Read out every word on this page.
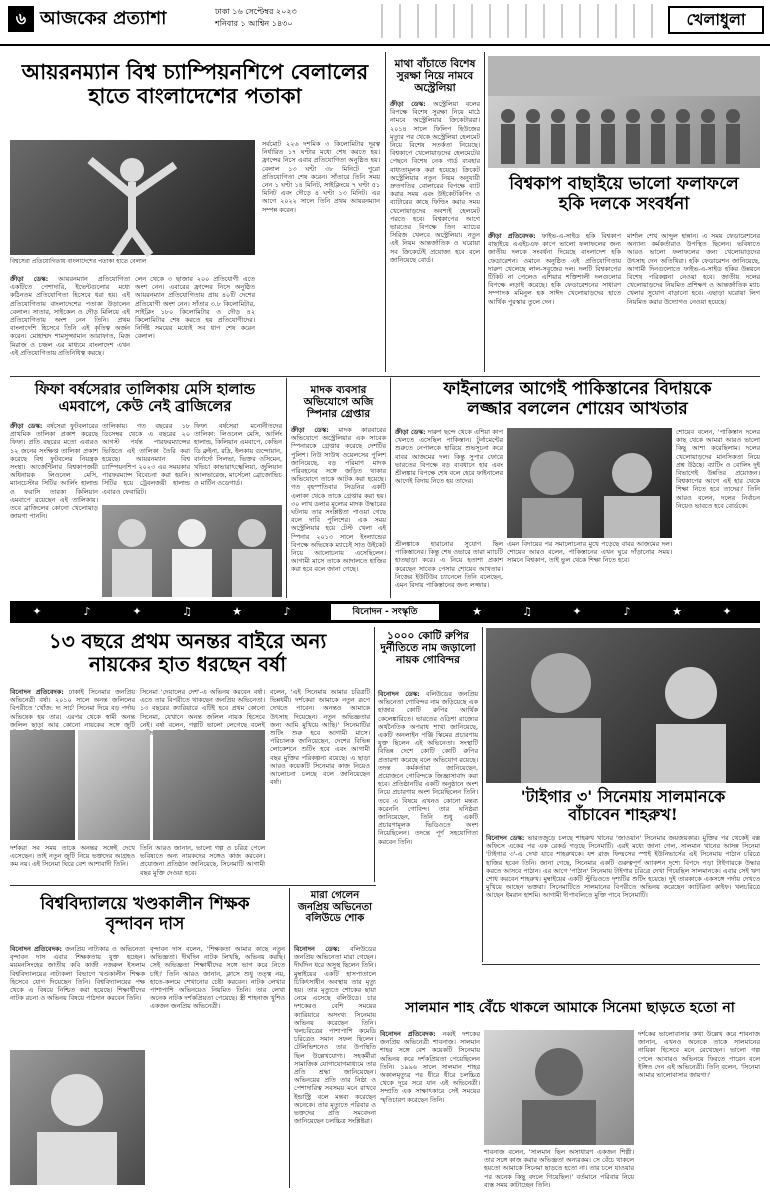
৬ আজকের প্রত্যাশা	ঢাকা ১৬ সেপ্টেম্বর ২০২৩
শনিবার ১ আশ্বিন ১৪৩০	খেলাধুলা
আয়রনম্যান বিশ্ব চ্যাম্পিয়নশিপে বেলালের
হাতে বাংলাদেশের পতাকা
বিশ্বসেরা প্রতিযোগিতায় বাংলাদেশের পতাকা হাতে বেলাল
ক্রীড়া ডেস্ক: আয়রনম্যান প্রতিযোগিতা একটিতে পেশাদারি, ইভেন্টগুলোর মধ্যে কঠিনতম প্রতিযোগিতা হিসেবে ধরা হয়। এই প্রতিযোগিতায় বাংলাদেশের পতাকা উড়ালেন বেলাল। সাতার, সাইকেল ও দৌড় মিলিয়ে এই প্রতিযোগিতায় অংশ নেন তিনি। প্রথম বাংলাদেশি হিসেবে তিনি এই কৃতিত্ব অর্জন করেন। মোহাম্মদ শামসুজ্জামান আরাফাত, মিজ মিরাজ ও চঞ্চল এর মাধ্যমে বাংলাদেশ এখন এই প্রতিযোগিতায় প্রতিনিধিত্ব করছে।
লেন থেকে ৩ ছাজার ২০০ প্রতিযোগী এতে অংশ নেন। এবারের ফ্রান্সের নিসে অনুষ্ঠিত আয়রনম্যান প্রতিযোগিতায় প্রায় ৪০টি দেশের প্রতিযোগী অংশ নেন। সাঁতার ৩.৮ কিলোমিটার, সাইক্লিং ১৮০ কিলোমিটার ও দৌড় ৪২ কিলোমিটার শেষ করতে হয় প্রতিযোগীদের। নির্দিষ্ট সময়ের মধ্যেই সব ধাপ শেষ করেন বেলাল।
সর্বমোট ২২৬ দশমিক ৩ কিলোমিটার দূরত্ব নির্ধারিত ১৭ ঘণ্টার মধ্যে শেষ করতে হয়। ফ্রান্সের নিসে এবার প্রতিযোগিতা অনুষ্ঠিত হয়। বেলাল ১৩ ঘণ্টা ৩৮ মিনিটে পুরো প্রতিযোগিতা শেষ করেন। সাঁতারে তিনি সময় নেন ১ ঘণ্টা ১৪ মিনিট, সাইক্লিংয়ে ৭ ঘণ্টা ৫১ মিনিট এবং দৌড়ে ৪ ঘণ্টা ১৩ মিনিট। এর আগে ২০২২ সালে তিনি প্রথম আয়রনম্যান সম্পন্ন করেন।
মাথা বাঁচাতে বিশেষ সুরক্ষা নিয়ে নামবে অস্ট্রেলিয়া
ক্রীড়া ডেস্ক: অস্ট্রেলিয়া বলের বিপক্ষে বিশেষ সুরক্ষা নিয়ে মাঠে নামবে অস্ট্রেলিয়ার ক্রিকেটাররা। ২০১৪ সালে ফিলিপ হিউজের মৃত্যুর পর থেকে অস্ট্রেলিয়া হেলমেট নিয়ে বিশেষ সতর্কতা নিয়েছে। বিশ্বকাপে খেলোয়াড়দের হেলমেটের পেছনে বিশেষ নেক গার্ড ব্যবহার বাধ্যতামূলক করা হয়েছে। ক্রিকেট অস্ট্রেলিয়ার নতুন নিয়ম অনুযায়ী দ্রুতগতির বোলারের বিপক্ষে ব্যাট করার সময় এবং উইকেটকিপিং ও ব্যাটারের কাছে ফিল্ডিং করার সময় খেলোয়াড়দের অবশ্যই হেলমেট পরতে হবে। বিশ্বকাপের আগে ভারতের বিপক্ষে তিন ম্যাচের সিরিজ খেলবে অস্ট্রেলিয়া। নতুন এই নিয়ম আন্তর্জাতিক ও ঘরোয়া সব ক্রিকেটেই প্রযোজ্য হবে বলে জানিয়েছে বোর্ড।
বিশ্বকাপ বাছাইয়ে ভালো ফলাফলে
হকি দলকে সংবর্ধনা
ক্রীড়া প্রতিবেদক: ফাইভ-এ-সাইড হকি বিশ্বকাপ বাছাইয়ে এএইচএফ কাপে ভালো ফলাফলের জন্য জাতীয় দলকে সংবর্ধনা দিয়েছে বাংলাদেশ হকি ফেডারেশন। ওমানে অনুষ্ঠিত এই প্রতিযোগিতায় দারুণ খেলেছে লাল-সবুজের দল। দলটি বিশ্বকাপের টিকিট না পেলেও এশিয়ার শক্তিশালী দলগুলোর বিপক্ষে লড়াই করেছে। হকি ফেডারেশনের সাধারণ সম্পাদক মমিনুল হক সাঈদ খেলোয়াড়দের হাতে আর্থিক পুরস্কার তুলে দেন।
মার্শাল শেখ আব্দুল হান্নান। এ সময় ফেডারেশনের অন্যান্য কর্মকর্তারাও উপস্থিত ছিলেন। ভবিষ্যতে আরও ভালো ফলাফলের জন্য খেলোয়াড়দের উৎসাহ দেন অতিথিরা। হকি ফেডারেশন জানিয়েছে, আগামী দিনগুলোতে ফাইভ-এ-সাইড হকির উন্নয়নে বিশেষ পরিকল্পনা নেওয়া হবে। জাতীয় দলের খেলোয়াড়দের নিয়মিত প্রশিক্ষণ ও আন্তর্জাতিক ম্যাচ খেলার সুযোগ বাড়ানো হবে। এছাড়া ঘরোয়া লিগ নিয়মিত করার উদ্যোগও নেওয়া হয়েছে।
ফাইনালের আগেই পাকিস্তানের বিদায়কে
লজ্জার বললেন শোয়েব আখতার
ক্রীড়া ডেস্ক: দারুণ ছন্দে থেকে এশিয়া কাপ খেলতে এসেছিল পাকিস্তান। টুর্নামেন্টের শুরুতে নেপালকে হারিয়ে শুভসূচনা করে বাবর আজমের দল। কিন্তু সুপার ফোরে ভারতের বিপক্ষে বড় ব্যবধানে হার এবং শ্রীলঙ্কার বিপক্ষে শেষ বলে হেরে ফাইনালের আগেই বিদায় নিতে হয় তাদের।
শোয়েব বলেন, 'পাকিস্তান দলের কাছ থেকে আমরা আরও ভালো কিছু আশা করেছিলাম। দলের খেলোয়াড়দের মানসিকতা নিয়ে প্রশ্ন উঠছে। ব্যাটিং ও বোলিং দুই বিভাগেই উন্নতির প্রয়োজন। বিশ্বকাপের আগে এই হার থেকে শিক্ষা নিতে হবে তাদের।' তিনি আরও বলেন, দলের নির্বাচন নিয়েও ভাবতে হবে বোর্ডকে।
শ্রীলঙ্কাকে হারানোর সুযোগ ছিল পাকিস্তানের। কিন্তু শেষ ওভারে তারা ম্যাচটি হাতছাড়া করে। এ নিয়ে হতাশা প্রকাশ করেছেন সাবেক পেসার শোয়েব আখতার। নিজের ইউটিউব চ্যানেলে তিনি বলেছেন, এমন বিদায় পাকিস্তানের জন্য লজ্জার।
এমন বিদায়ের পর সমালোচনার মুখে পড়েছে বাবর আজমের দল। শোয়েব আরও বলেন, পাকিস্তানের এখন ঘুরে দাঁড়ানোর সময়। সামনে বিশ্বকাপ, তাই ভুল থেকে শিক্ষা নিতে হবে।
ফিফা বর্ষসেরার তালিকায় মেসি হালান্ড
এমবাপে, কেউ নেই ব্রাজিলের
ক্রীড়া ডেস্ক: বর্ষসেরা ফুটবলারের প্রাথমিক তালিকা প্রকাশ করেছে ফিফা। প্রতি বছরের মতো এবারও ১২ জনের সংক্ষিপ্ত তালিকা প্রকাশ করেছে বিশ্ব ফুটবলের নিয়ন্ত্রক সংস্থা। আর্জেন্টিনার বিশ্বকাপজয়ী অধিনায়ক লিওনেল মেসি, ম্যানচেস্টার সিটির আর্লিং হালান্ড ও ফরাসি তারকা কিলিয়ান এমবাপে রয়েছেন এই তালিকায়। তবে ব্রাজিলের কোনো খেলোয়াড় জায়গা পাননি।
তালিকায়। গত বছরের ১৮ ডিসেম্বর থেকে এ বছরের ২০ আগস্ট পর্যন্ত পারফরম্যান্সের ভিত্তিতে এই তালিকা তৈরি করা হয়েছে। আয়রনম্যান বিশ্ব চ্যাম্পিয়নশিপ ২০২৩ এর সময়কার পারফরম্যান্স বিবেচনা করা হয়নি। সিটির হয়ে ট্রেবলজয়ী হালান্ড এবারও ফেবারিট।
ফিফা বর্ষসেরা মনোনীতদের তালিকা: লিওনেল মেসি, আর্লিং হালান্ড, কিলিয়ান এমবাপে, কেভিন ডি ব্রুইনা, রদ্রি, ইলকায় গুন্দোয়ান, বার্নার্দো সিলভা, ভিক্তর ওসিমেন, খভিচা কাভারাৎস্খেলিয়া, জুলিয়ান আলভারেজ, মার্সেলো ব্রোজোভিচ ও মার্টিন ওডেগার্ড।
মাদক ব্যবসার অভিযোগে অজি স্পিনার গ্রেপ্তার
ক্রীড়া ডেস্ক: মাদক কারবারের অভিযোগে অস্ট্রেলিয়ার এক সাবেক স্পিনারকে গ্রেপ্তার করেছে দেশটির পুলিশ। নিউ সাউথ ওয়েলসের পুলিশ জানিয়েছে, বড় পরিমাণ মাদক পরিবহনের সঙ্গে জড়িত থাকার অভিযোগে তাকে আটক করা হয়েছে। গত বৃহস্পতিবার সিডনির একটি এলাকা থেকে তাকে গ্রেপ্তার করা হয়। ৩০ লাখ ডলার মূল্যের মাদক উদ্ধারের ঘটনায় তার সংশ্লিষ্টতা পাওয়া গেছে বলে দাবি পুলিশের। এক সময় অস্ট্রেলিয়ার হয়ে টেস্ট খেলা এই স্পিনার ২০১৩ সালে ইংল্যান্ডের বিপক্ষে অভিষেক ম্যাচেই সাত উইকেট নিয়ে আলোচনায় এসেছিলেন। আগামী মাসে তাকে আদালতে হাজির করা হবে বলে জানা গেছে।
✦	♪	✦	♫	★	♪	★	♫	✦	♪	★	✦
বিনোদন - সংস্কৃতি
১৩ বছরে প্রথম অনন্তর বাইরে অন্য
নায়কের হাত ধরছেন বর্ষা
বিনোদন প্রতিবেদক: ঢাকাই সিনেমার জনপ্রিয় অভিনেত্রী বর্ষা। ২০১০ সালে অনন্ত জলিলের বিপরীতে 'খোঁজ: দ্য সার্চ' সিনেমা দিয়ে বড় পর্দায় অভিষেক হয় তার। এরপর থেকে স্বামী অনন্ত জলিল ছাড়া আর কোনো নায়কের সঙ্গে জুটি
সিনেমা 'দেয়ালের দেশ'-এ অভিনয় করবেন বর্ষা। এতে তার বিপরীতে থাকছেন জনপ্রিয় অভিনেতা। ১৩ বছরের ক্যারিয়ারে এটিই হবে প্রথম কোনো সিনেমা, যেখানে অনন্ত জলিল নায়ক হিসেবে নেই। বর্ষা বলেন, গল্পটি ভালো লেগেছে বলেই
বলেন, 'এই সিনেমায় আমার চরিত্রটি ভিন্নধর্মী। দর্শকেরা আমাকে নতুন রূপে দেখতে পাবেন। অনন্তও আমাকে উৎসাহ দিয়েছেন। নতুন অভিজ্ঞতার জন্য আমি মুখিয়ে আছি।' সিনেমাটির শুটিং শুরু হবে আগামী মাসে। পরিচালক জানিয়েছেন, দেশের বিভিন্ন লোকেশনে শুটিং হবে এবং আগামী বছর মুক্তির পরিকল্পনা রয়েছে। এ ছাড়া আরও কয়েকটি সিনেমার কাজ নিয়েও আলোচনা চলছে বলে জানিয়েছেন বর্ষা।
দর্শকরা সব সময় তাকে অনন্তর সঙ্গেই দেখে এসেছেন। তাই নতুন জুটি নিয়ে ভক্তদের আগ্রহও কম নয়। এই সিনেমা ঘিরে বেশ আশাবাদী তিনি।
তিনি আরও জানান, ভালো গল্প ও চরিত্র পেলে ভবিষ্যতে অন্য নায়কদের সঙ্গেও কাজ করবেন। প্রযোজনা প্রতিষ্ঠান জানিয়েছে, সিনেমাটি আগামী বছর মুক্তি দেওয়া হবে।
১০০০ কোটি রুপির দুর্নীতিতে নাম জড়ালো নায়ক গোবিন্দর
বিনোদন ডেস্ক: বলিউডের জনপ্রিয় অভিনেতা গোবিন্দর নাম জড়িয়েছে এক হাজার কোটি রুপির আর্থিক কেলেঙ্কারিতে। ভারতের ওডিশা রাজ্যের অর্থনৈতিক অপরাধ শাখা জানিয়েছে, একটি অনলাইন পঞ্জি স্কিমের প্রচারণায় যুক্ত ছিলেন এই অভিনেতা। সংস্থাটি বিভিন্ন দেশে কোটি কোটি রুপির প্রতারণা করেছে বলে অভিযোগ রয়েছে। তদন্ত কর্মকর্তারা জানিয়েছেন, প্রয়োজনে গোবিন্দকে জিজ্ঞাসাবাদ করা হবে। প্রতিষ্ঠানটির একটি অনুষ্ঠানে অংশ নিয়ে প্রচারণায় অংশ নিয়েছিলেন তিনি। তবে এ বিষয়ে এখনও কোনো মন্তব্য করেননি গোবিন্দ। তার ঘনিষ্ঠরা জানিয়েছেন, তিনি শুধু একটি প্রচারণামূলক ভিডিওতে অংশ নিয়েছিলেন। তদন্তে পূর্ণ সহযোগিতা করবেন তিনি।
'টাইগার ৩' সিনেমায় সালমানকে
বাঁচাবেন শাহরুখ!
বিনোদন ডেস্ক: ভারতজুড়ে চলছে শাহরুখ খানের 'জাওয়ান' সিনেমার জয়জয়কার। মুক্তির পর থেকেই বক্স অফিসে একের পর এক রেকর্ড গড়ছে সিনেমাটি। এরই মধ্যে জানা গেল, সালমান খানের আসন্ন সিনেমা 'টাইগার ৩'-এ দেখা যাবে শাহরুখকে। যশ রাজ ফিল্মসের স্পাই ইউনিভার্সের এই সিনেমায় পাঠান চরিত্রে হাজির হবেন তিনি। জানা গেছে, সিনেমার একটি গুরুত্বপূর্ণ অ্যাকশন দৃশ্যে বিপদে পড়া টাইগারকে উদ্ধার করতে আসবে পাঠান। এর আগে 'পাঠান' সিনেমায় টাইগার চরিত্রে দেখা গিয়েছিল সালমানকে। এবার সেই ঋণ শোধ করবেন শাহরুখ। মুম্বাইয়ের একটি স্টুডিওতে দৃশ্যটির শুটিং হয়েছে। দুই তারকাকে একসঙ্গে পর্দায় দেখতে মুখিয়ে আছেন ভক্তরা। সিনেমাটিতে সালমানের বিপরীতে অভিনয় করেছেন ক্যাটরিনা কাইফ। খলচরিত্রে আছেন ইমরান হাশমি। আগামী দীপাবলিতে মুক্তি পাবে সিনেমাটি।
বিশ্ববিদ্যালয়ে খণ্ডকালীন শিক্ষক
বৃন্দাবন দাস
বিনোদন প্রতিবেদক: জনপ্রিয় নাট্যকার ও অভিনেতা বৃন্দাবন দাস এবার শিক্ষকতায় যুক্ত হচ্ছেন। ময়মনসিংহের জাতীয় কবি কাজী নজরুল ইসলাম বিশ্ববিদ্যালয়ের নাট্যকলা বিভাগে খণ্ডকালীন শিক্ষক হিসেবে যোগ দিয়েছেন তিনি। বিশ্ববিদ্যালয়ের পক্ষ থেকে এ বিষয়ে নিশ্চিত করা হয়েছে। শিক্ষার্থীদের নাটক রচনা ও অভিনয় বিষয়ে পাঠদান করবেন তিনি।
বৃন্দাবন দাস বলেন, 'শিক্ষকতা আমার কাছে নতুন অভিজ্ঞতা। দীর্ঘদিন নাটক লিখছি, অভিনয় করছি। সেই অভিজ্ঞতা শিক্ষার্থীদের সঙ্গে ভাগ করে নিতে চাই।' তিনি আরও জানান, ক্লাসে শুধু তত্ত্ব নয়, হাতে-কলমে শেখানোর চেষ্টা করবেন। নাটক লেখার পাশাপাশি অভিনয়েও নিয়মিত তিনি। তার লেখা অনেক নাটক দর্শকপ্রিয়তা পেয়েছে। স্ত্রী শাহনাজ খুশিও একজন জনপ্রিয় অভিনেত্রী।
মারা গেলেন জনপ্রিয় অভিনেতা বলিউডে শোক
বিনোদন ডেস্ক: বলিউডের জনপ্রিয় অভিনেতা মারা গেছেন। দীর্ঘদিন ধরে অসুস্থ ছিলেন তিনি। মুম্বাইয়ের একটি হাসপাতালে চিকিৎসাধীন অবস্থায় তার মৃত্যু হয়। তার মৃত্যুতে শোকের ছায়া নেমে এসেছে বলিউডে। চার দশকেরও বেশি সময়ের ক্যারিয়ারে অসংখ্য সিনেমায় অভিনয় করেছেন তিনি। খলচরিত্রের পাশাপাশি কমেডি চরিত্রেও সমান সফল ছিলেন। টেলিভিশনেও তার উপস্থিতি ছিল উল্লেখযোগ্য। সহকর্মীরা সামাজিক যোগাযোগমাধ্যমে তার প্রতি শ্রদ্ধা জানিয়েছেন। অভিনয়ের প্রতি তার নিষ্ঠা ও পেশাদারিত্ব সবসময় মনে রাখবে ইন্ডাস্ট্রি বলে মন্তব্য করেছেন অনেকে। তার মৃত্যুতে পরিবার ও ভক্তদের প্রতি সমবেদনা জানিয়েছেন চলচ্চিত্র সংশ্লিষ্টরা।
সালমান শাহ বেঁচে থাকলে আমাকে সিনেমা ছাড়তে হতো না
বিনোদন প্রতিবেদক: নব্বই দশকের জনপ্রিয় অভিনেত্রী শাবনাজ। সালমান শাহর সঙ্গে বেশ কয়েকটি সিনেমায় অভিনয় করে দর্শকপ্রিয়তা পেয়েছিলেন তিনি। ১৯৯৬ সালে সালমান শাহর অকালমৃত্যুর পর ধীরে ধীরে চলচ্চিত্র থেকে দূরে সরে যান এই অভিনেত্রী। সম্প্রতি এক সাক্ষাৎকারে সেই সময়ের স্মৃতিচারণ করেছেন তিনি।
শাবনাজ বলেন, 'সালমান ছিল অসাধারণ একজন শিল্পী। তার সঙ্গে কাজ করার অভিজ্ঞতা অন্যরকম। সে বেঁচে থাকলে হয়তো আমাকে সিনেমা ছাড়তে হতো না। তার চলে যাওয়ার পর অনেক কিছু বদলে গিয়েছিল।' বর্তমানে পরিবার নিয়ে ব্যস্ত সময় কাটাচ্ছেন তিনি।
দর্শকের ভালোবাসার কথা উল্লেখ করে শাবনাজ জানান, এখনও অনেকে তাকে সালমানের নায়িকা হিসেবে মনে রেখেছেন। ভালো গল্প পেলে আবারও অভিনয়ে ফিরতে পারেন বলে ইঙ্গিত দেন এই অভিনেত্রী। তিনি বলেন, 'সিনেমা আমার ভালোবাসার জায়গা।'
